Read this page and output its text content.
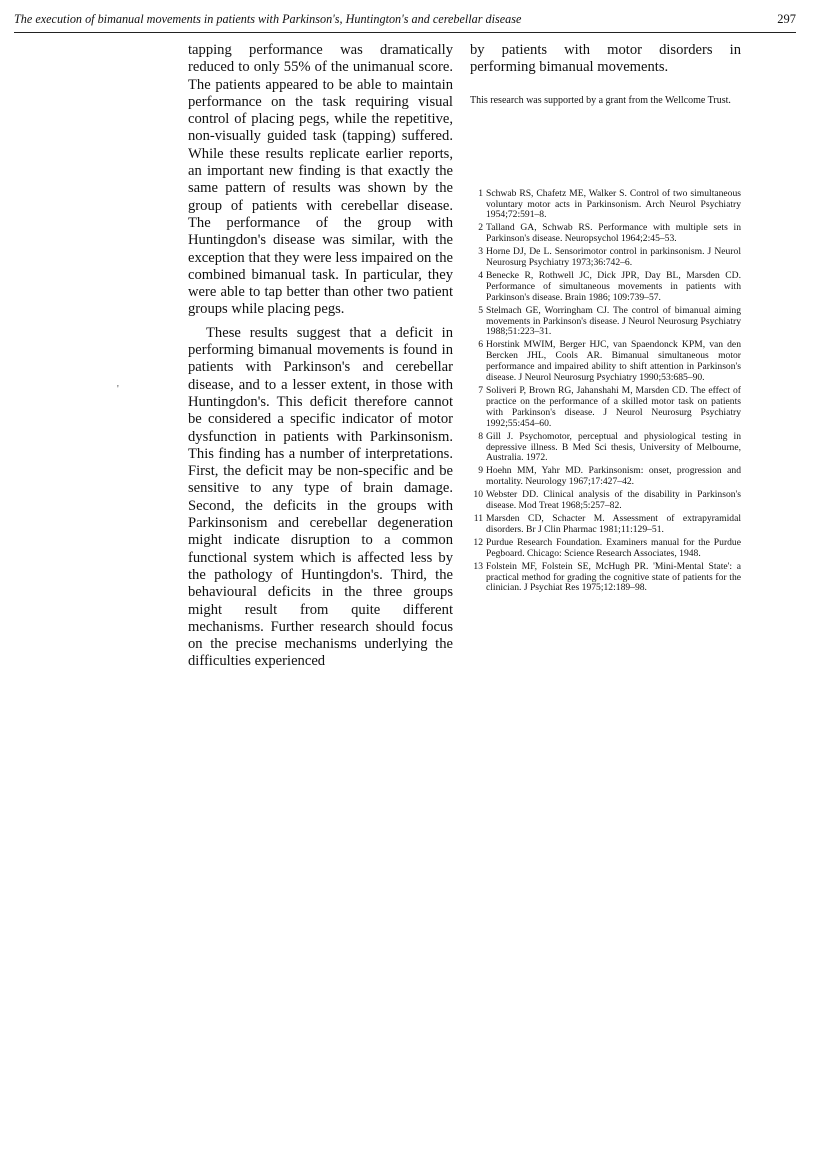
The execution of bimanual movements in patients with Parkinson's, Huntington's and cerebellar disease	297
'

tapping performance was dramatically reduced to only 55% of the unimanual score. The patients appeared to be able to maintain performance on the task requiring visual control of placing pegs, while the repetitive, non-visually guided task (tapping) suffered. While these results replicate earlier reports, an important new finding is that exactly the same pattern of results was shown by the group of patients with cerebellar disease. The performance of the group with Huntingdon's disease was similar, with the exception that they were less impaired on the combined bimanual task. In particular, they were able to tap better than other two patient groups while placing pegs.

These results suggest that a deficit in performing bimanual movements is found in patients with Parkinson's and cerebellar disease, and to a lesser extent, in those with Huntingdon's. This deficit therefore cannot be considered a specific indicator of motor dysfunction in patients with Parkinsonism. This finding has a number of interpretations. First, the deficit may be non-specific and be sensitive to any type of brain damage. Second, the deficits in the groups with Parkinsonism and cerebellar degeneration might indicate disruption to a common functional system which is affected less by the pathology of Huntingdon's. Third, the behavioural deficits in the three groups might result from quite different mechanisms. Further research should focus on the precise mechanisms underlying the difficulties experienced

by patients with motor disorders in performing bimanual movements.

This research was supported by a grant from the Wellcome Trust.

1 Schwab RS, Chafetz ME, Walker S. Control of two simultaneous voluntary motor acts in Parkinsonism. Arch Neurol Psychiatry 1954;72:591–8.
2 Talland GA, Schwab RS. Performance with multiple sets in Parkinson's disease. Neuropsychol 1964;2:45–53.
3 Horne DJ, De L. Sensorimotor control in parkinsonism. J Neurol Neurosurg Psychiatry 1973;36:742–6.
4 Benecke R, Rothwell JC, Dick JPR, Day BL, Marsden CD. Performance of simultaneous movements in patients with Parkinson's disease. Brain 1986; 109:739–57.
5 Stelmach GE, Worringham CJ. The control of bimanual aiming movements in Parkinson's disease. J Neurol Neurosurg Psychiatry 1988;51:223–31.
6 Horstink MWIM, Berger HJC, van Spaendonck KPM, van den Bercken JHL, Cools AR. Bimanual simultaneous motor performance and impaired ability to shift attention in Parkinson's disease. J Neurol Neurosurg Psychiatry 1990;53:685–90.
7 Soliveri P, Brown RG, Jahanshahi M, Marsden CD. The effect of practice on the performance of a skilled motor task on patients with Parkinson's disease. J Neurol Neurosurg Psychiatry 1992;55:454–60.
8 Gill J. Psychomotor, perceptual and physiological testing in depressive illness. B Med Sci thesis, University of Melbourne, Australia. 1972.
9 Hoehn MM, Yahr MD. Parkinsonism: onset, progression and mortality. Neurology 1967;17:427–42.
10 Webster DD. Clinical analysis of the disability in Parkinson's disease. Mod Treat 1968;5:257–82.
11 Marsden CD, Schacter M. Assessment of extrapyramidal disorders. Br J Clin Pharmac 1981;11:129–51.
12 Purdue Research Foundation. Examiners manual for the Purdue Pegboard. Chicago: Science Research Associates, 1948.
13 Folstein MF, Folstein SE, McHugh PR. 'Mini-Mental State': a practical method for grading the cognitive state of patients for the clinician. J Psychiat Res 1975;12:189–98.
